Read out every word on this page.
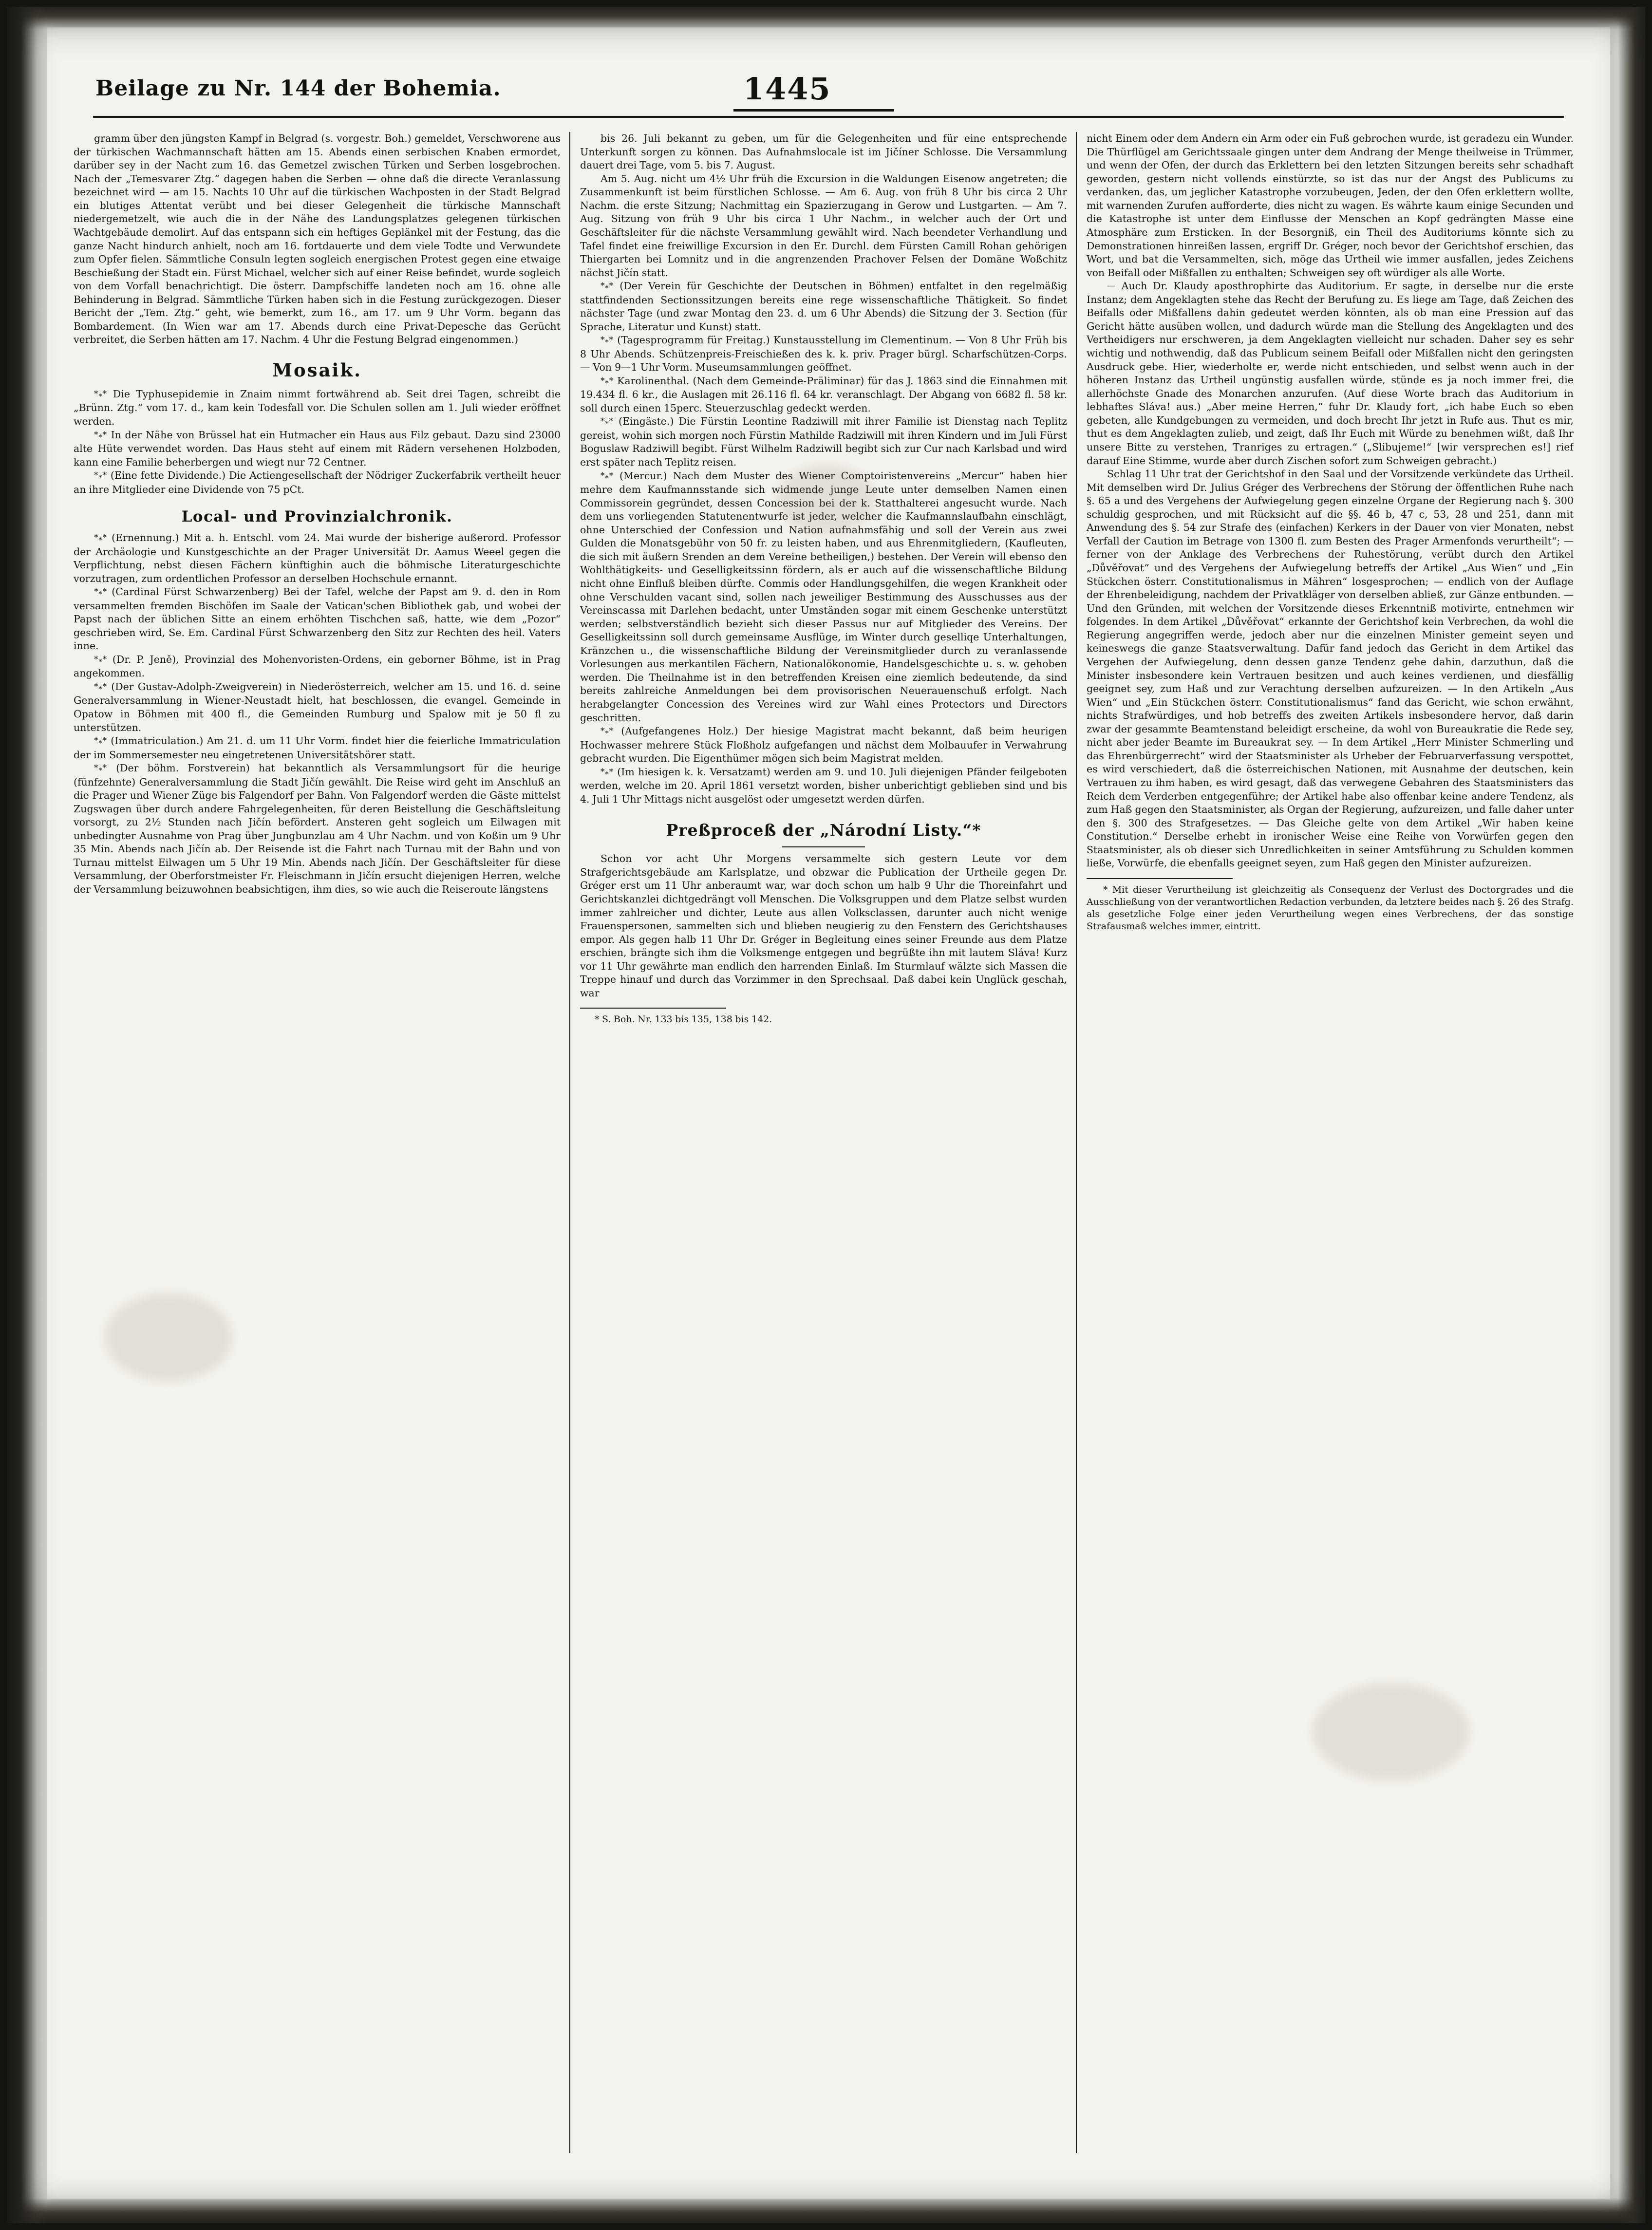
Beilage zu Nr. 144 der Bohemia.	1445

gramm über den jüngsten Kampf in Belgrad (s. vorgestr. Boh.) gemeldet, Verschworene aus der türkischen Wachmannschaft hätten am 15. Abends einen serbischen Knaben ermordet, darüber sey in der Nacht zum 16. das Gemetzel zwischen Türken und Serben losgebrochen. Nach der „Temesvarer Ztg.“ dagegen haben die Serben — ohne daß die directe Veranlassung bezeichnet wird — am 15. Nachts 10 Uhr auf die türkischen Wachposten in der Stadt Belgrad ein blutiges Attentat verübt und bei dieser Gelegenheit die türkische Mannschaft niedergemetzelt, wie auch die in der Nähe des Landungsplatzes gelegenen türkischen Wachtgebäude demolirt. Auf das entspann sich ein heftiges Geplänkel mit der Festung, das die ganze Nacht hindurch anhielt, noch am 16. fortdauerte und dem viele Todte und Verwundete zum Opfer fielen. Sämmtliche Consuln legten sogleich energischen Protest gegen eine etwaige Beschießung der Stadt ein. Fürst Michael, welcher sich auf einer Reise befindet, wurde sogleich von dem Vorfall benachrichtigt. Die österr. Dampfschiffe landeten noch am 16. ohne alle Behinderung in Belgrad. Sämmtliche Türken haben sich in die Festung zurückgezogen. Dieser Bericht der „Tem. Ztg.“ geht, wie bemerkt, zum 16., am 17. um 9 Uhr Vorm. begann das Bombardement. (In Wien war am 17. Abends durch eine Privat-Depesche das Gerücht verbreitet, die Serben hätten am 17. Nachm. 4 Uhr die Festung Belgrad eingenommen.)

Mosaik.

$*_**$ Die Typhusepidemie in Znaim nimmt fortwährend ab. Seit drei Tagen, schreibt die „Brünn. Ztg.“ vom 17. d., kam kein Todesfall vor. Die Schulen sollen am 1. Juli wieder eröffnet werden.

$*_**$ In der Nähe von Brüssel hat ein Hutmacher ein Haus aus Filz gebaut. Dazu sind 23000 alte Hüte verwendet worden. Das Haus steht auf einem mit Rädern versehenen Holzboden, kann eine Familie beherbergen und wiegt nur 72 Centner.

$*_**$ (Eine fette Dividende.) Die Actiengesellschaft der Nödriger Zuckerfabrik vertheilt heuer an ihre Mitglieder eine Dividende von 75 pCt.

Local- und Provinzialchronik.

$*_**$ (Ernennung.) Mit a. h. Entschl. vom 24. Mai wurde der bisherige außerord. Professor der Archäologie und Kunstgeschichte an der Prager Universität Dr. Aamus Weeel gegen die Verpflichtung, nebst diesen Fächern künftighin auch die böhmische Literaturgeschichte vorzutragen, zum ordentlichen Professor an derselben Hochschule ernannt.

$*_**$ (Cardinal Fürst Schwarzenberg) Bei der Tafel, welche der Papst am 9. d. den in Rom versammelten fremden Bischöfen im Saale der Vatican'schen Bibliothek gab, und wobei der Papst nach der üblichen Sitte an einem erhöhten Tischchen saß, hatte, wie dem „Pozor“ geschrieben wird, Se. Em. Cardinal Fürst Schwarzenberg den Sitz zur Rechten des heil. Vaters inne.

$*_**$ (Dr. P. Jeně), Provinzial des Mohenvoristen-Ordens, ein geborner Böhme, ist in Prag angekommen.

$*_**$ (Der Gustav-Adolph-Zweigverein) in Niederösterreich, welcher am 15. und 16. d. seine Generalversammlung in Wiener-Neustadt hielt, hat beschlossen, die evangel. Gemeinde in Opatow in Böhmen mit 400 fl., die Gemeinden Rumburg und Spalow mit je 50 fl zu unterstützen.

$*_**$ (Immatriculation.) Am 21. d. um 11 Uhr Vorm. findet hier die feierliche Immatriculation der im Sommersemester neu eingetretenen Universitätshörer statt.

$*_**$ (Der böhm. Forstverein) hat bekanntlich als Versammlungsort für die heurige (fünfzehnte) Generalversammlung die Stadt Jičín gewählt. Die Reise wird geht im Anschluß an die Prager und Wiener Züge bis Falgendorf per Bahn. Von Falgendorf werden die Gäste mittelst Zugswagen über durch andere Fahrgelegenheiten, für deren Beistellung die Geschäftsleitung vorsorgt, zu 2½ Stunden nach Jičín befördert. Ansteren geht sogleich um Eilwagen mit unbedingter Ausnahme von Prag über Jungbunzlau am 4 Uhr Nachm. und von Koßin um 9 Uhr 35 Min. Abends nach Jičín ab. Der Reisende ist die Fahrt nach Turnau mit der Bahn und von Turnau mittelst Eilwagen um 5 Uhr 19 Min. Abends nach Jičín. Der Geschäftsleiter für diese Versammlung, der Oberforstmeister Fr. Fleischmann in Jičín ersucht diejenigen Herren, welche der Versammlung beizuwohnen beabsichtigen, ihm dies, so wie auch die Reiseroute längstens

bis 26. Juli bekannt zu geben, um für die Gelegenheiten und für eine entsprechende Unterkunft sorgen zu können. Das Aufnahmslocale ist im Jičíner Schlosse. Die Versammlung dauert drei Tage, vom 5. bis 7. August.

Am 5. Aug. nicht um 4½ Uhr früh die Excursion in die Waldungen Eisenow angetreten; die Zusammenkunft ist beim fürstlichen Schlosse. — Am 6. Aug. von früh 8 Uhr bis circa 2 Uhr Nachm. die erste Sitzung; Nachmittag ein Spazierzugang in Gerow und Lustgarten. — Am 7. Aug. Sitzung von früh 9 Uhr bis circa 1 Uhr Nachm., in welcher auch der Ort und Geschäftsleiter für die nächste Versammlung gewählt wird. Nach beendeter Verhandlung und Tafel findet eine freiwillige Excursion in den Er. Durchl. dem Fürsten Camill Rohan gehörigen Thiergarten bei Lomnitz und in die angrenzenden Prachover Felsen der Domäne Woßchitz nächst Jičín statt.

$*_**$ (Der Verein für Geschichte der Deutschen in Böhmen) entfaltet in den regelmäßig stattfindenden Sectionssitzungen bereits eine rege wissenschaftliche Thätigkeit. So findet nächster Tage (und zwar Montag den 23. d. um 6 Uhr Abends) die Sitzung der 3. Section (für Sprache, Literatur und Kunst) statt.

$*_**$ (Tagesprogramm für Freitag.) Kunstausstellung im Clementinum. — Von 8 Uhr Früh bis 8 Uhr Abends. Schützenpreis-Freischießen des k. k. priv. Prager bürgl. Scharfschützen-Corps. — Von 9—1 Uhr Vorm. Museumsammlungen geöffnet.

$*_**$ Karolinenthal. (Nach dem Gemeinde-Präliminar) für das J. 1863 sind die Einnahmen mit 19.434 fl. 6 kr., die Auslagen mit 26.116 fl. 64 kr. veranschlagt. Der Abgang von 6682 fl. 58 kr. soll durch einen 15perc. Steuerzuschlag gedeckt werden.

$*_**$ (Eingäste.) Die Fürstin Leontine Radziwill mit ihrer Familie ist Dienstag nach Teplitz gereist, wohin sich morgen noch Fürstin Mathilde Radziwill mit ihren Kindern und im Juli Fürst Boguslaw Radziwill begibt. Fürst Wilhelm Radziwill begibt sich zur Cur nach Karlsbad und wird erst später nach Teplitz reisen.

$*_**$ (Mercur.) Nach dem Muster des Wiener Comptoiristenvereins „Mercur“ haben hier mehre dem Kaufmannsstande sich widmende junge Leute unter demselben Namen einen Commissorein gegründet, dessen Concession bei der k. Statthalterei angesucht wurde. Nach dem uns vorliegenden Statutenentwurfe ist jeder, welcher die Kaufmannslaufbahn einschlägt, ohne Unterschied der Confession und Nation aufnahmsfähig und soll der Verein aus zwei Gulden die Monatsgebühr von 50 fr. zu leisten haben, und aus Ehrenmitgliedern, (Kaufleuten, die sich mit äußern Srenden an dem Vereine betheiligen,) bestehen. Der Verein will ebenso den Wohlthätigkeits- und Geselligkeitssinn fördern, als er auch auf die wissenschaftliche Bildung nicht ohne Einfluß bleiben dürfte. Commis oder Handlungsgehilfen, die wegen Krankheit oder ohne Verschulden vacant sind, sollen nach jeweiliger Bestimmung des Ausschusses aus der Vereinscassa mit Darlehen bedacht, unter Umständen sogar mit einem Geschenke unterstützt werden; selbstverständlich bezieht sich dieser Passus nur auf Mitglieder des Vereins. Der Geselligkeitssinn soll durch gemeinsame Ausflüge, im Winter durch geselliqe Unterhaltungen, Kränzchen u., die wissenschaftliche Bildung der Vereinsmitglieder durch zu veranlassende Vorlesungen aus merkantilen Fächern, Nationalökonomie, Handelsgeschichte u. s. w. gehoben werden. Die Theilnahme ist in den betreffenden Kreisen eine ziemlich bedeutende, da sind bereits zahlreiche Anmeldungen bei dem provisorischen Neuerauenschuß erfolgt. Nach herabgelangter Concession des Vereines wird zur Wahl eines Protectors und Directors geschritten.

$*_**$ (Aufgefangenes Holz.) Der hiesige Magistrat macht bekannt, daß beim heurigen Hochwasser mehrere Stück Floßholz aufgefangen und nächst dem Molbauufer in Verwahrung gebracht wurden. Die Eigenthümer mögen sich beim Magistrat melden.

$*_**$ (Im hiesigen k. k. Versatzamt) werden am 9. und 10. Juli diejenigen Pfänder feilgeboten werden, welche im 20. April 1861 versetzt worden, bisher unberichtigt geblieben sind und bis 4. Juli 1 Uhr Mittags nicht ausgelöst oder umgesetzt werden dürfen.

Preßproceß der „Národní Listy.“*

Schon vor acht Uhr Morgens versammelte sich gestern Leute vor dem Strafgerichtsgebäude am Karlsplatze, und obzwar die Publication der Urtheile gegen Dr. Gréger erst um 11 Uhr anberaumt war, war doch schon um halb 9 Uhr die Thoreinfahrt und Gerichtskanzlei dichtgedrängt voll Menschen. Die Volksgruppen und dem Platze selbst wurden immer zahlreicher und dichter, Leute aus allen Volksclassen, darunter auch nicht wenige Frauenspersonen, sammelten sich und blieben neugierig zu den Fenstern des Gerichtshauses empor. Als gegen halb 11 Uhr Dr. Gréger in Begleitung eines seiner Freunde aus dem Platze erschien, brängte sich ihm die Volksmenge entgegen und begrüßte ihn mit lautem Sláva! Kurz vor 11 Uhr gewährte man endlich den harrenden Einlaß. Im Sturmlauf wälzte sich Massen die Treppe hinauf und durch das Vorzimmer in den Sprechsaal. Daß dabei kein Unglück geschah, war

* S. Boh. Nr. 133 bis 135, 138 bis 142.

nicht Einem oder dem Andern ein Arm oder ein Fuß gebrochen wurde, ist geradezu ein Wunder. Die Thürflügel am Gerichtssaale gingen unter dem Andrang der Menge theilweise in Trümmer, und wenn der Ofen, der durch das Erklettern bei den letzten Sitzungen bereits sehr schadhaft geworden, gestern nicht vollends einstürzte, so ist das nur der Angst des Publicums zu verdanken, das, um jeglicher Katastrophe vorzubeugen, Jeden, der den Ofen erklettern wollte, mit warnenden Zurufen aufforderte, dies nicht zu wagen. Es währte kaum einige Secunden und die Katastrophe ist unter dem Einflusse der Menschen an Kopf gedrängten Masse eine Atmosphäre zum Ersticken. In der Besorgniß, ein Theil des Auditoriums könnte sich zu Demonstrationen hinreißen lassen, ergriff Dr. Gréger, noch bevor der Gerichtshof erschien, das Wort, und bat die Versammelten, sich, möge das Urtheil wie immer ausfallen, jedes Zeichens von Beifall oder Mißfallen zu enthalten; Schweigen sey oft würdiger als alle Worte.

— Auch Dr. Klaudy aposthrophirte das Auditorium. Er sagte, in derselbe nur die erste Instanz; dem Angeklagten stehe das Recht der Berufung zu. Es liege am Tage, daß Zeichen des Beifalls oder Mißfallens dahin gedeutet werden könnten, als ob man eine Pression auf das Gericht hätte ausüben wollen, und dadurch würde man die Stellung des Angeklagten und des Vertheidigers nur erschweren, ja dem Angeklagten vielleicht nur schaden. Daher sey es sehr wichtig und nothwendig, daß das Publicum seinem Beifall oder Mißfallen nicht den geringsten Ausdruck gebe. Hier, wiederholte er, werde nicht entschieden, und selbst wenn auch in der höheren Instanz das Urtheil ungünstig ausfallen würde, stünde es ja noch immer frei, die allerhöchste Gnade des Monarchen anzurufen. (Auf diese Worte brach das Auditorium in lebhaftes Sláva! aus.) „Aber meine Herren,“ fuhr Dr. Klaudy fort, „ich habe Euch so eben gebeten, alle Kundgebungen zu vermeiden, und doch brecht Ihr jetzt in Rufe aus. Thut es mir, thut es dem Angeklagten zulieb, und zeigt, daß Ihr Euch mit Würde zu benehmen wißt, daß Ihr unsere Bitte zu verstehen, Tranriges zu ertragen.“ („Slibujeme!“ [wir versprechen es!] rief darauf Eine Stimme, wurde aber durch Zischen sofort zum Schweigen gebracht.)

Schlag 11 Uhr trat der Gerichtshof in den Saal und der Vorsitzende verkündete das Urtheil. Mit demselben wird Dr. Julius Gréger des Verbrechens der Störung der öffentlichen Ruhe nach §. 65 a und des Vergehens der Aufwiegelung gegen einzelne Organe der Regierung nach §. 300 schuldig gesprochen, und mit Rücksicht auf die §§. 46 b, 47 c, 53, 28 und 251, dann mit Anwendung des §. 54 zur Strafe des (einfachen) Kerkers in der Dauer von vier Monaten, nebst Verfall der Caution im Betrage von 1300 fl. zum Besten des Prager Armenfonds verurtheilt“; — ferner von der Anklage des Verbrechens der Ruhestörung, verübt durch den Artikel „Důvěřovat“ und des Vergehens der Aufwiegelung betreffs der Artikel „Aus Wien“ und „Ein Stückchen österr. Constitutionalismus in Mähren“ losgesprochen; — endlich von der Auflage der Ehrenbeleidigung, nachdem der Privatkläger von derselben abließ, zur Gänze entbunden. — Und den Gründen, mit welchen der Vorsitzende dieses Erkenntniß motivirte, entnehmen wir folgendes. In dem Artikel „Důvěřovat“ erkannte der Gerichtshof kein Verbrechen, da wohl die Regierung angegriffen werde, jedoch aber nur die einzelnen Minister gemeint seyen und keineswegs die ganze Staatsverwaltung. Dafür fand jedoch das Gericht in dem Artikel das Vergehen der Aufwiegelung, denn dessen ganze Tendenz gehe dahin, darzuthun, daß die Minister insbesondere kein Vertrauen besitzen und auch keines verdienen, und diesfällig geeignet sey, zum Haß und zur Verachtung derselben aufzureizen. — In den Artikeln „Aus Wien“ und „Ein Stückchen österr. Constitutionalismus“ fand das Gericht, wie schon erwähnt, nichts Strafwürdiges, und hob betreffs des zweiten Artikels insbesondere hervor, daß darin zwar der gesammte Beamtenstand beleidigt erscheine, da wohl von Bureaukratie die Rede sey, nicht aber jeder Beamte im Bureaukrat sey. — In dem Artikel „Herr Minister Schmerling und das Ehrenbürgerrecht“ wird der Staatsminister als Urheber der Februarverfassung verspottet, es wird verschiedert, daß die österreichischen Nationen, mit Ausnahme der deutschen, kein Vertrauen zu ihm haben, es wird gesagt, daß das verwegene Gebahren des Staatsministers das Reich dem Verderben entgegenführe; der Artikel habe also offenbar keine andere Tendenz, als zum Haß gegen den Staatsminister, als Organ der Regierung, aufzureizen, und falle daher unter den §. 300 des Strafgesetzes. — Das Gleiche gelte von dem Artikel „Wir haben keine Constitution.“ Derselbe erhebt in ironischer Weise eine Reihe von Vorwürfen gegen den Staatsminister, als ob dieser sich Unredlichkeiten in seiner Amtsführung zu Schulden kommen ließe, Vorwürfe, die ebenfalls geeignet seyen, zum Haß gegen den Minister aufzureizen.

* Mit dieser Verurtheilung ist gleichzeitig als Consequenz der Verlust des Doctorgrades und die Ausschließung von der verantwortlichen Redaction verbunden, da letztere beides nach §. 26 des Strafg. als gesetzliche Folge einer jeden Verurtheilung wegen eines Verbrechens, der das sonstige Strafausmaß welches immer, eintritt.
